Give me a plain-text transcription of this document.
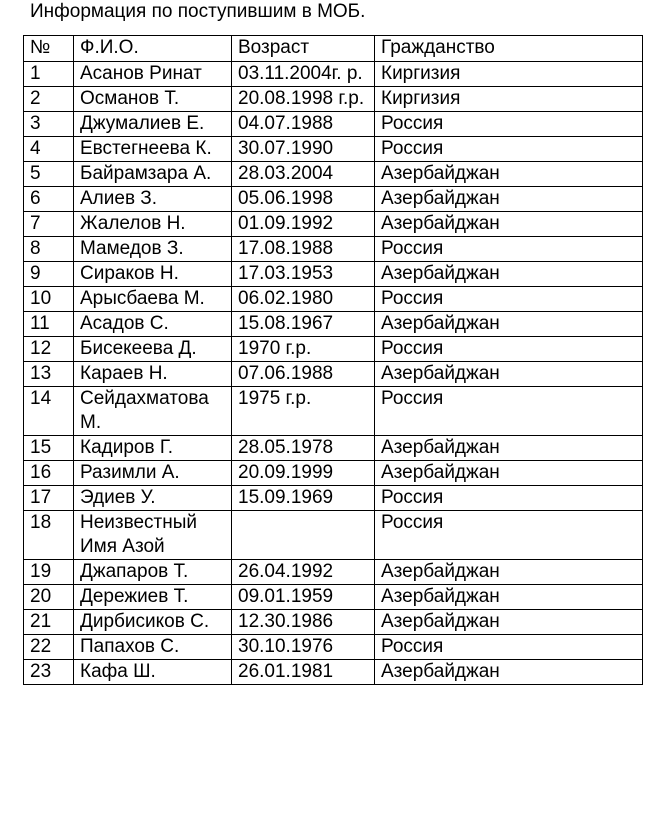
Информация по поступившим в МОБ.
№	Ф.И.О.	Возраст	Гражданство
1	Асанов Ринат	03.11.2004г. р.	Киргизия
2	Османов Т.	20.08.1998 г.р.	Киргизия
3	Джумалиев Е.	04.07.1988	Россия
4	Евстегнеева К.	30.07.1990	Россия
5	Байрамзара А.	28.03.2004	Азербайджан
6	Алиев З.	05.06.1998	Азербайджан
7	Жалелов Н.	01.09.1992	Азербайджан
8	Мамедов З.	17.08.1988	Россия
9	Сираков Н.	17.03.1953	Азербайджан
10	Арысбаева М.	06.02.1980	Россия
11	Асадов С.	15.08.1967	Азербайджан
12	Бисекеева Д.	1970 г.р.	Россия
13	Караев Н.	07.06.1988	Азербайджан
14	Сейдахматова М.	1975 г.р.	Россия
15	Кадиров Г.	28.05.1978	Азербайджан
16	Разимли А.	20.09.1999	Азербайджан
17	Эдиев У.	15.09.1969	Россия
18	Неизвестный Имя Азой		Россия
19	Джапаров Т.	26.04.1992	Азербайджан
20	Дережиев Т.	09.01.1959	Азербайджан
21	Дирбисиков С.	12.30.1986	Азербайджан
22	Папахов С.	30.10.1976	Россия
23	Кафа Ш.	26.01.1981	Азербайджан
